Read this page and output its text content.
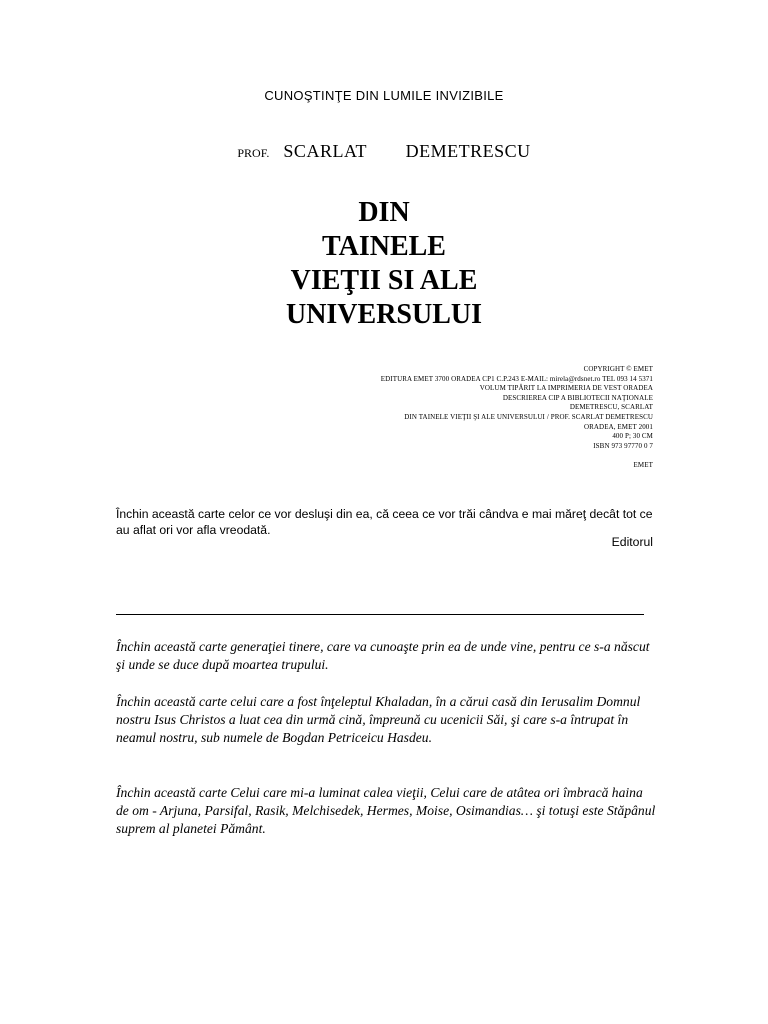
CUNOŞTINŢE DIN LUMILE INVIZIBILE
PROF. SCARLAT   DEMETRESCU
DIN
TAINELE
VIEŢII SI ALE
UNIVERSULUI
COPYRIGHT © EMET
EDITURA EMET 3700 ORADEA CP1 C.P.243 E-MAIL: mirela@rdsnet.ro TEL 093 14 5371
VOLUM TIPĂRIT LA IMPRIMERIA DE VEST ORADEA
DESCRIEREA CIP A BIBLIOTECII NAŢIONALE
DEMETRESCU, SCARLAT
DIN TAINELE VIEŢII ŞI ALE UNIVERSULUI / PROF. SCARLAT DEMETRESCU
ORADEA, EMET 2001
400 P; 30 CM
ISBN 973 97770 0 7
EMET
Închin această carte celor ce vor desluşi din ea, că ceea ce vor trăi cândva e mai măreţ decât tot ce au aflat ori vor afla vreodată.
Editorul
Închin această carte generaţiei tinere, care va cunoaşte prin ea de unde vine, pentru ce s-a născut şi unde se duce după moartea trupului.
Închin această carte celui care a fost înţeleptul Khaladan, în a cărui casă din Ierusalim Domnul nostru Isus Christos a luat cea din urmă cină, împreună cu ucenicii Săi, şi care s-a întrupat în neamul nostru, sub numele de Bogdan Petriceicu Hasdeu.
Închin această carte Celui care mi-a luminat calea vieţii, Celui care de atâtea ori îmbracă haina de om - Arjuna, Parsifal, Rasik, Melchisedek, Hermes, Moise, Osimandias… şi totuşi este Stăpânul suprem al planetei Pământ.
